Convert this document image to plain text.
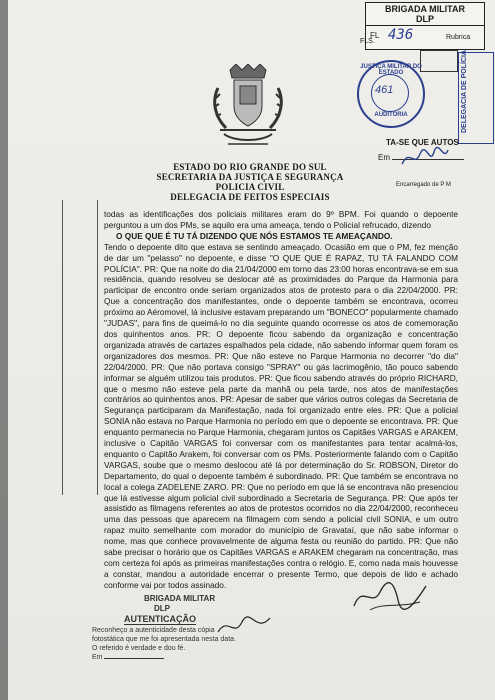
BRIGADA MILITAR
DLP
FL 436	Rubrica
FLS.
DELEGACIA DE POLÍCIA
JUSTIÇA MILITAR DO ESTADO
461
AUDITORIA
TA-SE QUE AUTOS
Em
Encarregado de P M
ESTADO DO RIO GRANDE DO SUL
SECRETARIA DA JUSTIÇA E SEGURANÇA
POLICIA CIVIL
DELEGACIA DE FEITOS ESPECIAIS

todas as identificações dos policiais militares eram do 9º BPM. Foi quando o depoente perguntou a um dos PMs, se aquilo era uma ameaça, tendo o Policial refrucado, dizendo

O QUE QUE É TU TÁ DIZENDO QUE NÓS ESTAMOS TE AMEAÇANDO.

Tendo o depoente dito que estava se sentindo ameaçado. Ocasião em que o PM, fez menção de dar um "pelasso" no depoente, e disse "O QUE QUE É RAPAZ, TU TÁ FALANDO COM POLÍCIA". PR: Que na noite do dia 21/04/2000 em torno das 23:00 horas encontrava-se em sua residência, quando resolveu se deslocar até as proximidades do Parque da Harmonia para participar de encontro onde seriam organizados atos de protesto para o dia 22/04/2000. PR: Que a concentração dos manifestantes, onde o depoente também se encontrava, ocorreu próximo ao Aéromovel, lá inclusive estavam preparando um "BONECO" popularmente chamado "JUDAS", para fins de queimá-lo no dia seguinte quando ocorresse os atos de comemoração dos quinhentos anos. PR: O depoente ficou sabendo da organização e concentração organizada através de cartazes espalhados pela cidade, não sabendo informar quem foram os organizadores dos mesmos. PR: Que não esteve no Parque Harmonia no decorrer "do dia" 22/04/2000. PR: Que não portava consigo "SPRAY" ou gás lacrimogênio, tão pouco sabendo informar se alguém utilizou tais produtos. PR: Que ficou sabendo através do próprio RICHARD, que o mesmo não esteve pela parte da manhã ou pela tarde, nos atos de manifestações contrários ao quinhentos anos. PR: Apesar de saber que vários outros colegas da Secretaria de Segurança participaram da Manifestação, nada foi organizado entre eles. PR: Que a policial SONIA não estava no Parque Harmonia no período em que o depoente se encontrava. PR: Que enquanto permanecia no Parque Harmonia, chegaram juntos os Capitães VARGAS e ARAKEM, inclusive o Capitão VARGAS foi conversar com os manifestantes para tentar acalmá-los, enquanto o Capitão Arakem, foi conversar com os PMs. Posteriormente falando com o Capitão VARGAS, soube que o mesmo deslocou até lá por determinação do Sr. ROBSON, Diretor do Departamento, do qual o depoente também é subordinado. PR: Que também se encontrava no local a colega ZADELENE ZARO. PR: Que no período em que lá se encontrava não presenciou que lá estivesse algum policial civil subordinado a Secretaria de Segurança. PR: Que após ter assistido as filmagens referentes ao atos de protestos ocorridos no dia 22/04/2000, reconheceu uma das pessoas que aparecem na filmagem com sendo a policial civil SONIA, e um outro rapaz muito semelhante com morador do município de Gravataí, que não sabe informar o nome, mas que conhece provavelmente de alguma festa ou reunião do partido. PR: Que não sabe precisar o horário que os Capitães VARGAS e ARAKEM chegaram na concentração, mas com certeza foi após as primeiras manifestações contra o relógio. E, como nada mais houvesse a constar, mandou a autoridade encerrar o presente Termo, que depois de lido e achado conforme vai por todos assinado.

BRIGADA MILITAR
DLP
AUTENTICAÇÃO
Reconheço a autenticidade desta cópia
fotostática que me foi apresentada nesta data.
O referido é verdade e dou fé.
Em
